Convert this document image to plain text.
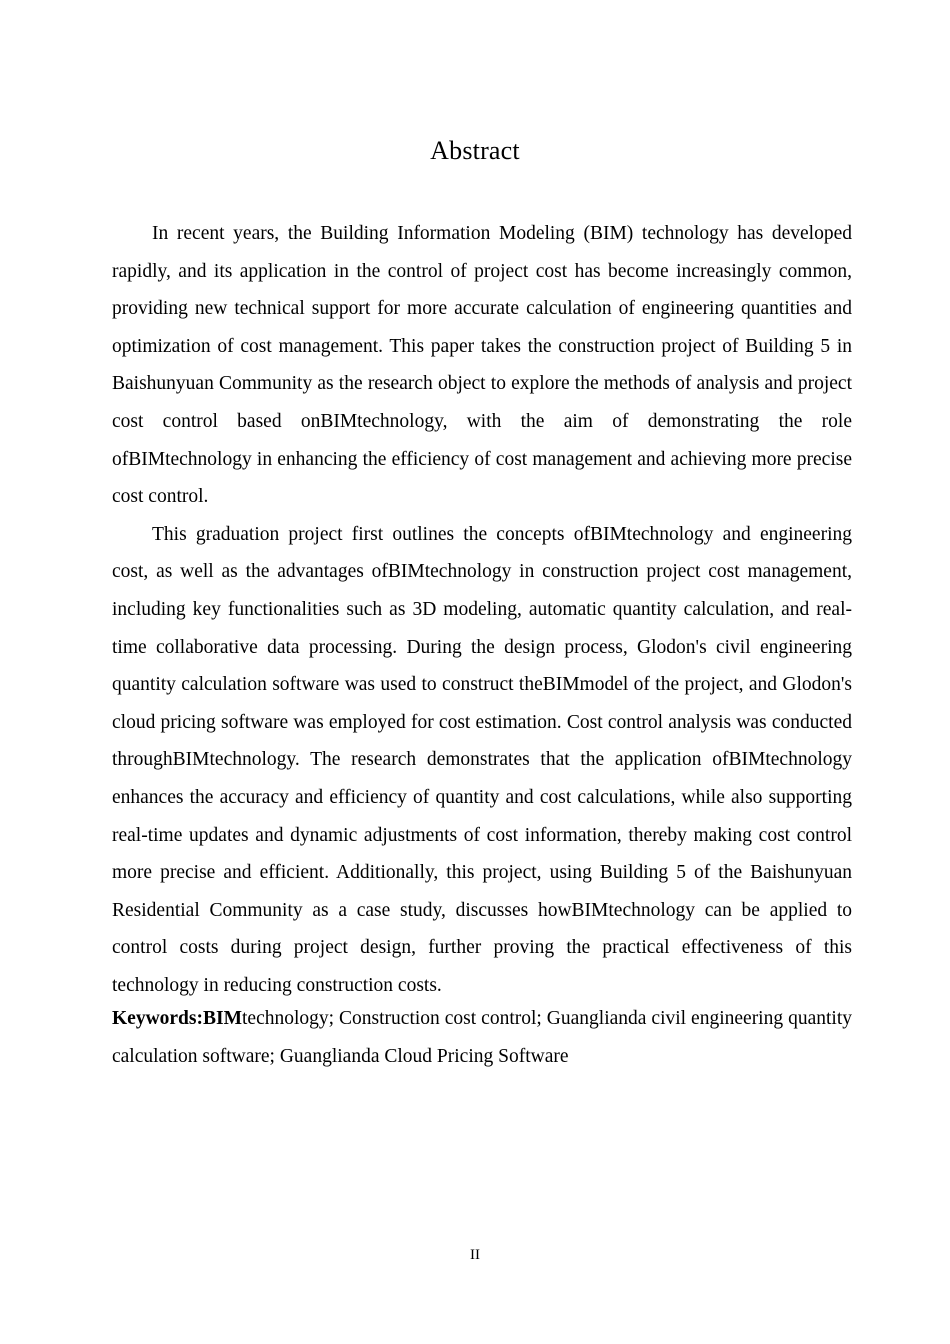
Abstract

In recent years, the Building Information Modeling (BIM) technology has developed rapidly, and its application in the control of project cost has become increasingly common, providing new technical support for more accurate calculation of engineering quantities and optimization of cost management. This paper takes the construction project of Building 5 in Baishunyuan Community as the research object to explore the methods of analysis and project cost control based onBIMtechnology, with the aim of demonstrating the role ofBIMtechnology in enhancing the efficiency of cost management and achieving more precise cost control.

This graduation project first outlines the concepts ofBIMtechnology and engineering cost, as well as the advantages ofBIMtechnology in construction project cost management, including key functionalities such as 3D modeling, automatic quantity calculation, and real-time collaborative data processing. During the design process, Glodon's civil engineering quantity calculation software was used to construct theBIMmodel of the project, and Glodon's cloud pricing software was employed for cost estimation. Cost control analysis was conducted throughBIMtechnology. The research demonstrates that the application ofBIMtechnology enhances the accuracy and efficiency of quantity and cost calculations, while also supporting real-time updates and dynamic adjustments of cost information, thereby making cost control more precise and efficient. Additionally, this project, using Building 5 of the Baishunyuan Residential Community as a case study, discusses howBIMtechnology can be applied to control costs during project design, further proving the practical effectiveness of this technology in reducing construction costs.

Keywords:BIMtechnology; Construction cost control; Guanglianda civil engineering quantity calculation software; Guanglianda Cloud Pricing Software

II
